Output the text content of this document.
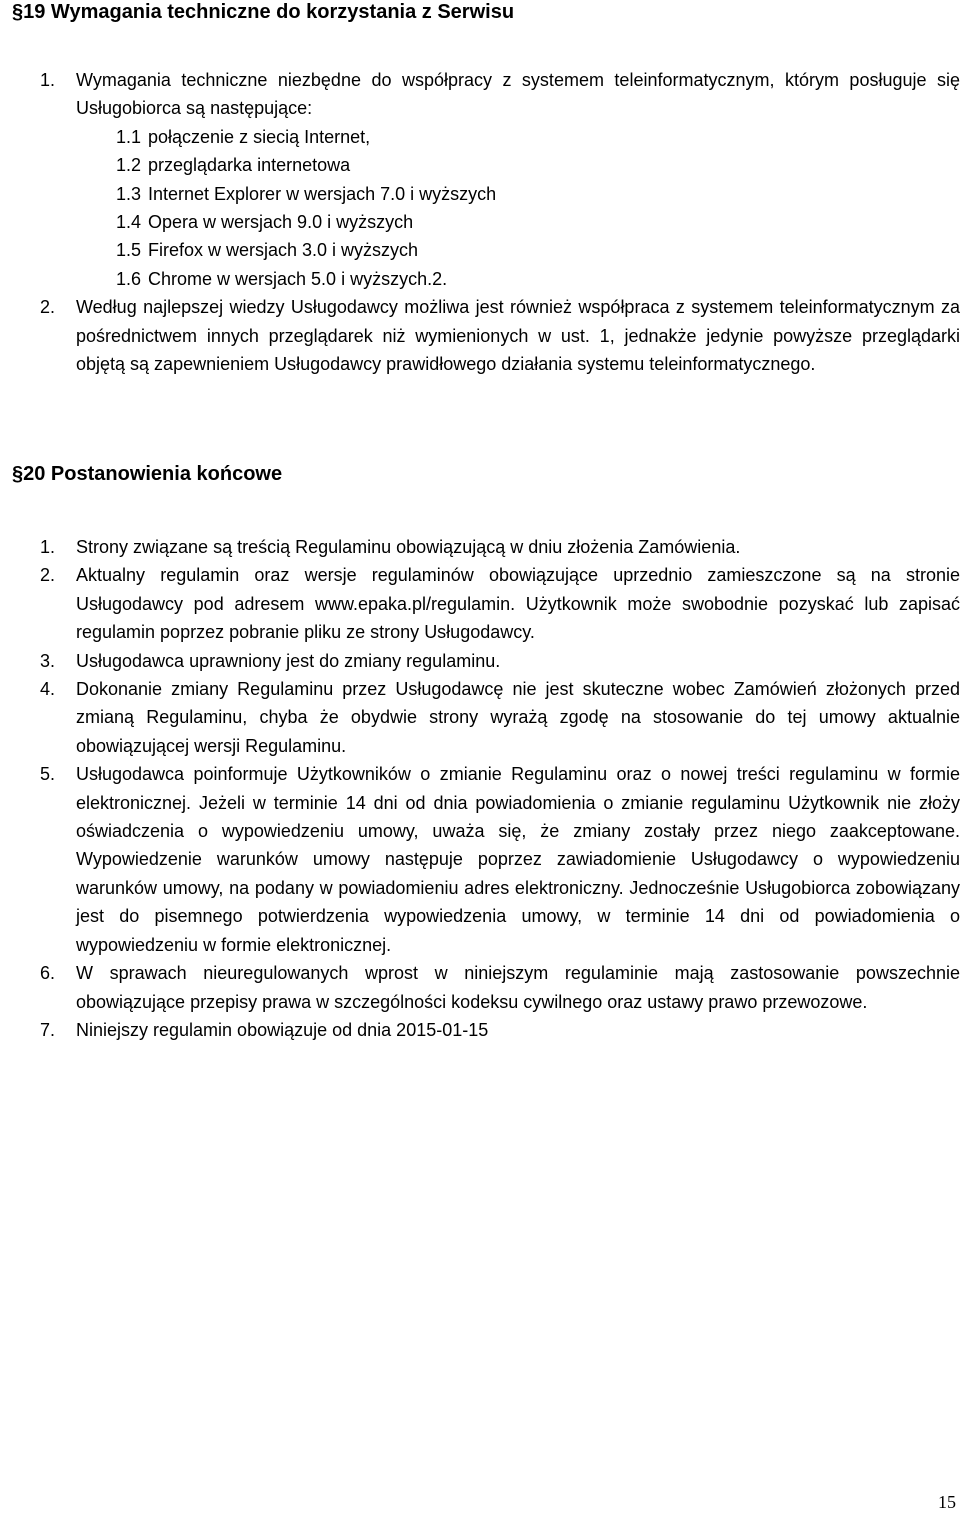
§19 Wymagania techniczne do korzystania z Serwisu
1. Wymagania techniczne niezbędne do współpracy z systemem teleinformatycznym, którym posługuje się Usługobiorca są następujące:
1.1 połączenie z siecią Internet,
1.2 przeglądarka internetowa
1.3 Internet Explorer w wersjach 7.0 i wyższych
1.4 Opera w wersjach 9.0 i wyższych
1.5 Firefox w wersjach 3.0 i wyższych
1.6 Chrome w wersjach 5.0 i wyższych.2.
2. Według najlepszej wiedzy Usługodawcy możliwa jest również współpraca z systemem teleinformatycznym za pośrednictwem innych przeglądarek niż wymienionych w ust. 1, jednakże jedynie powyższe przeglądarki objętą są zapewnieniem Usługodawcy prawidłowego działania systemu teleinformatycznego.
§20 Postanowienia końcowe
1. Strony związane są treścią Regulaminu obowiązującą w dniu złożenia Zamówienia.
2. Aktualny regulamin oraz wersje regulaminów obowiązujące uprzednio zamieszczone są na stronie Usługodawcy pod adresem www.epaka.pl/regulamin. Użytkownik może swobodnie pozyskać lub zapisać regulamin poprzez pobranie pliku ze strony Usługodawcy.
3. Usługodawca uprawniony jest do zmiany regulaminu.
4. Dokonanie zmiany Regulaminu przez Usługodawcę nie jest skuteczne wobec Zamówień złożonych przed zmianą Regulaminu, chyba że obydwie strony wyrażą zgodę na stosowanie do tej umowy aktualnie obowiązującej wersji Regulaminu.
5. Usługodawca poinformuje Użytkowników o zmianie Regulaminu oraz o nowej treści regulaminu w formie elektronicznej. Jeżeli w terminie 14 dni od dnia powiadomienia o zmianie regulaminu Użytkownik nie złoży oświadczenia o wypowiedzeniu umowy, uważa się, że zmiany zostały przez niego zaakceptowane. Wypowiedzenie warunków umowy następuje poprzez zawiadomienie Usługodawcy o wypowiedzeniu warunków umowy, na podany w powiadomieniu adres elektroniczny. Jednocześnie Usługobiorca zobowiązany jest do pisemnego potwierdzenia wypowiedzenia umowy, w terminie 14 dni od powiadomienia o wypowiedzeniu w formie elektronicznej.
6. W sprawach nieuregulowanych wprost w niniejszym regulaminie mają zastosowanie powszechnie obowiązujące przepisy prawa w szczególności kodeksu cywilnego oraz ustawy prawo przewozowe.
7. Niniejszy regulamin obowiązuje od dnia 2015-01-15
15
